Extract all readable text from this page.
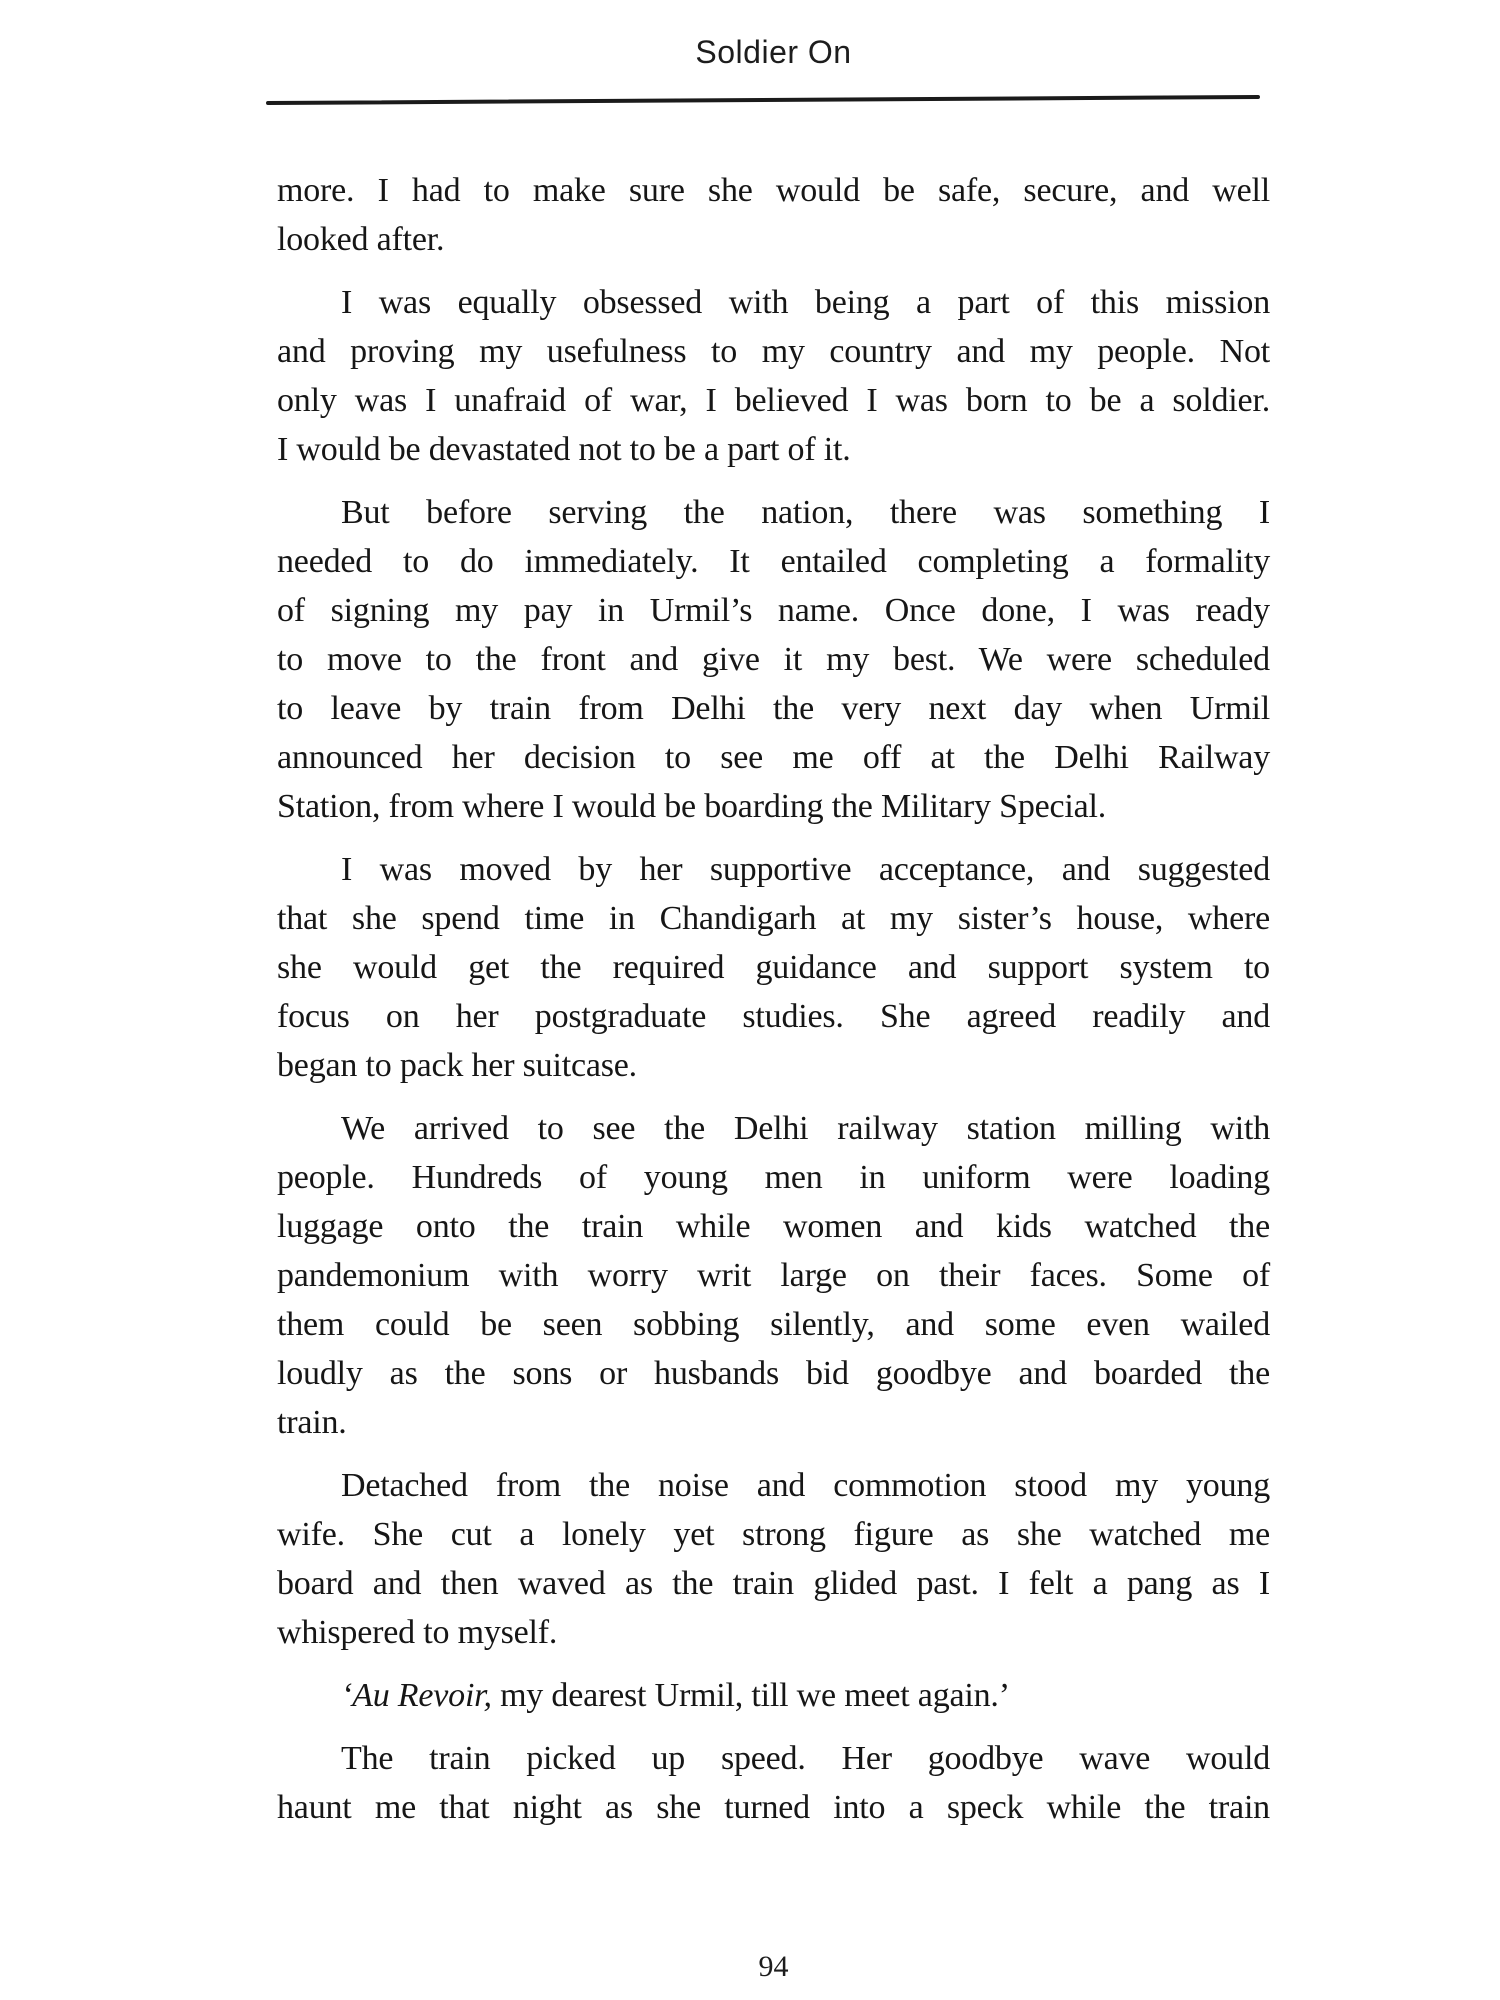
Soldier On
more. I had to make sure she would be safe, secure, and well
looked after.
I was equally obsessed with being a part of this mission
and proving my usefulness to my country and my people. Not
only was I unafraid of war, I believed I was born to be a soldier.
I would be devastated not to be a part of it.
But before serving the nation, there was something I
needed to do immediately. It entailed completing a formality
of signing my pay in Urmil’s name. Once done, I was ready
to move to the front and give it my best. We were scheduled
to leave by train from Delhi the very next day when Urmil
announced her decision to see me off at the Delhi Railway
Station, from where I would be boarding the Military Special.
I was moved by her supportive acceptance, and suggested
that she spend time in Chandigarh at my sister’s house, where
she would get the required guidance and support system to
focus on her postgraduate studies. She agreed readily and
began to pack her suitcase.
We arrived to see the Delhi railway station milling with
people. Hundreds of young men in uniform were loading
luggage onto the train while women and kids watched the
pandemonium with worry writ large on their faces. Some of
them could be seen sobbing silently, and some even wailed
loudly as the sons or husbands bid goodbye and boarded the
train.
Detached from the noise and commotion stood my young
wife. She cut a lonely yet strong figure as she watched me
board and then waved as the train glided past. I felt a pang as I
whispered to myself.
‘Au Revoir, my dearest Urmil, till we meet again.’
The train picked up speed. Her goodbye wave would
haunt me that night as she turned into a speck while the train
94
